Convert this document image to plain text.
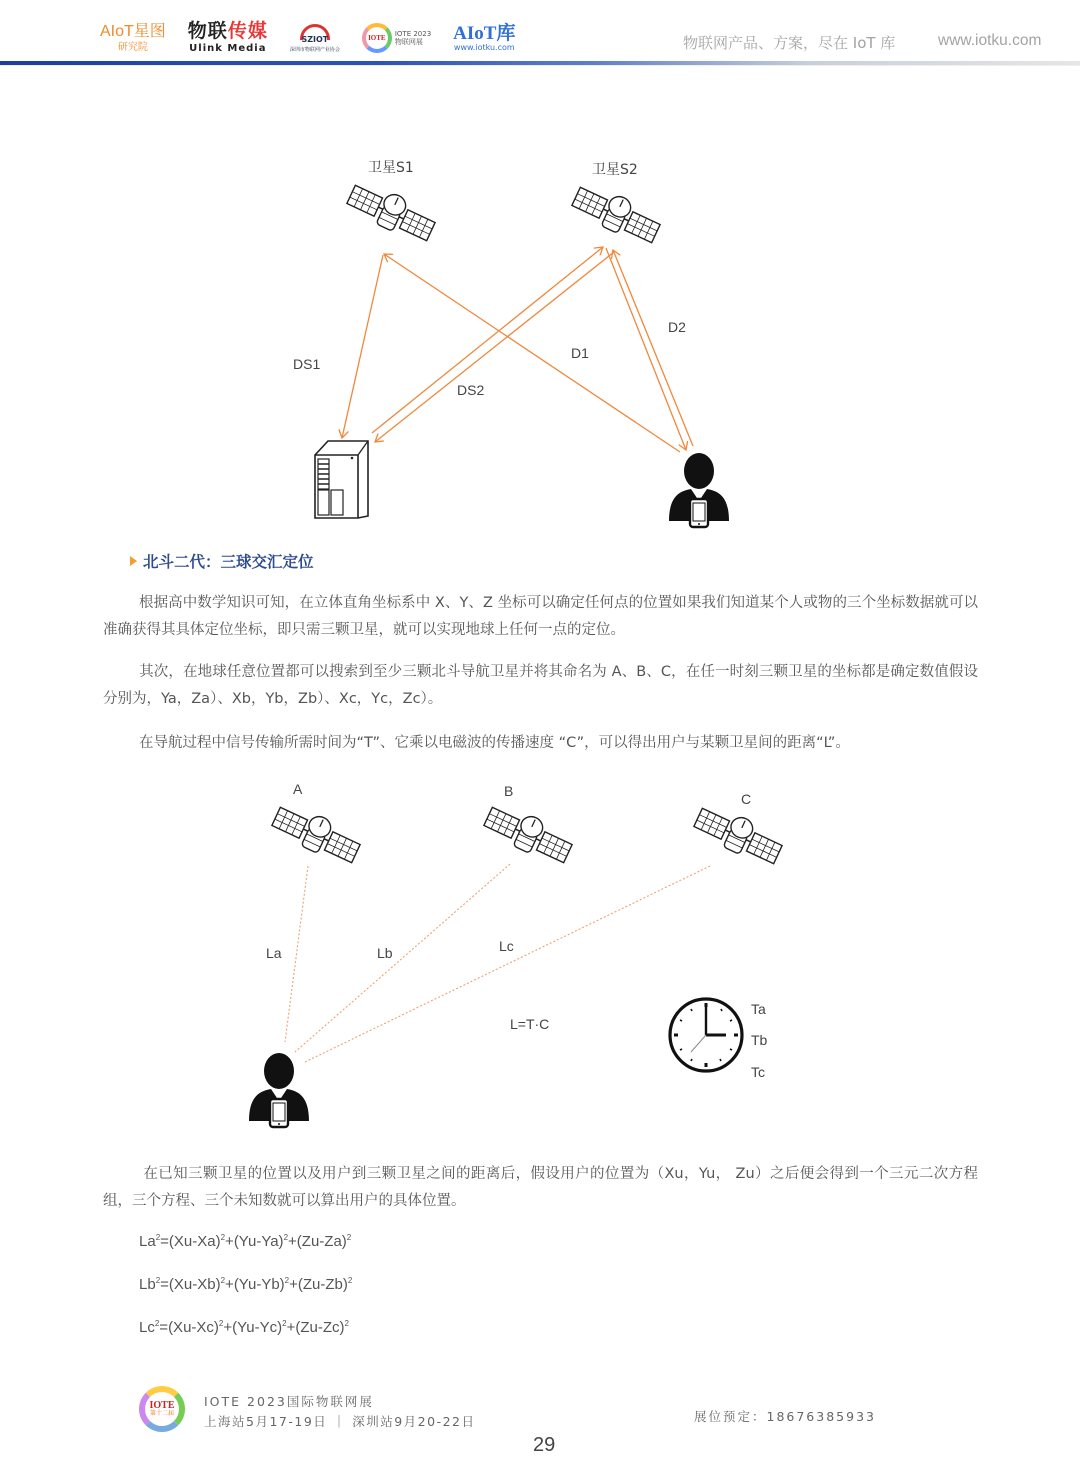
AIoT星图
研究院
物联传媒
Ulink Media
SZIOT
深圳市物联网产业协会
IOTE	IOTE 2023
物联网展	AIoT库
www.iotku.com	物联网产品、方案，尽在 IoT 库	www.iotku.com
卫星S1	卫星S2
DS1
DS2
D1
D2
北斗二代：三球交汇定位
根据高中数学知识可知，在立体直角坐标系中 X、Y、Z 坐标可以确定任何点的位置如果我们知道某个人或物的三个坐标数据就可以准确获得其具体定位坐标，即只需三颗卫星，就可以实现地球上任何一点的定位。
其次，在地球任意位置都可以搜索到至少三颗北斗导航卫星并将其命名为 A、B、C，在任一时刻三颗卫星的坐标都是确定数值假设分别为，Ya，Za）、Xb，Yb，Zb）、Xc，Yc，Zc）。
在导航过程中信号传输所需时间为“T”、它乘以电磁波的传播速度 “C”，可以得出用户与某颗卫星间的距离“L”。
A	B	C
La	Lb	Lc
L=T·C
Ta
Tb
Tc
在已知三颗卫星的位置以及用户到三颗卫星之间的距离后，假设用户的位置为（Xu，Yu， Zu）之后便会得到一个三元二次方程组，三个方程、三个未知数就可以算出用户的具体位置。
$La^2=(Xu-Xa)^2+(Yu-Ya)^2+(Zu-Za)^2$
$Lb^2=(Xu-Xb)^2+(Yu-Yb)^2+(Zu-Zb)^2$
$Lc^2=(Xu-Xc)^2+(Yu-Yc)^2+(Zu-Zc)^2$
IOTE
第十二届
IOTE 2023国际物联网展
上海站5月17-19日 ｜ 深圳站9月20-22日	展位预定：18676385933
29
